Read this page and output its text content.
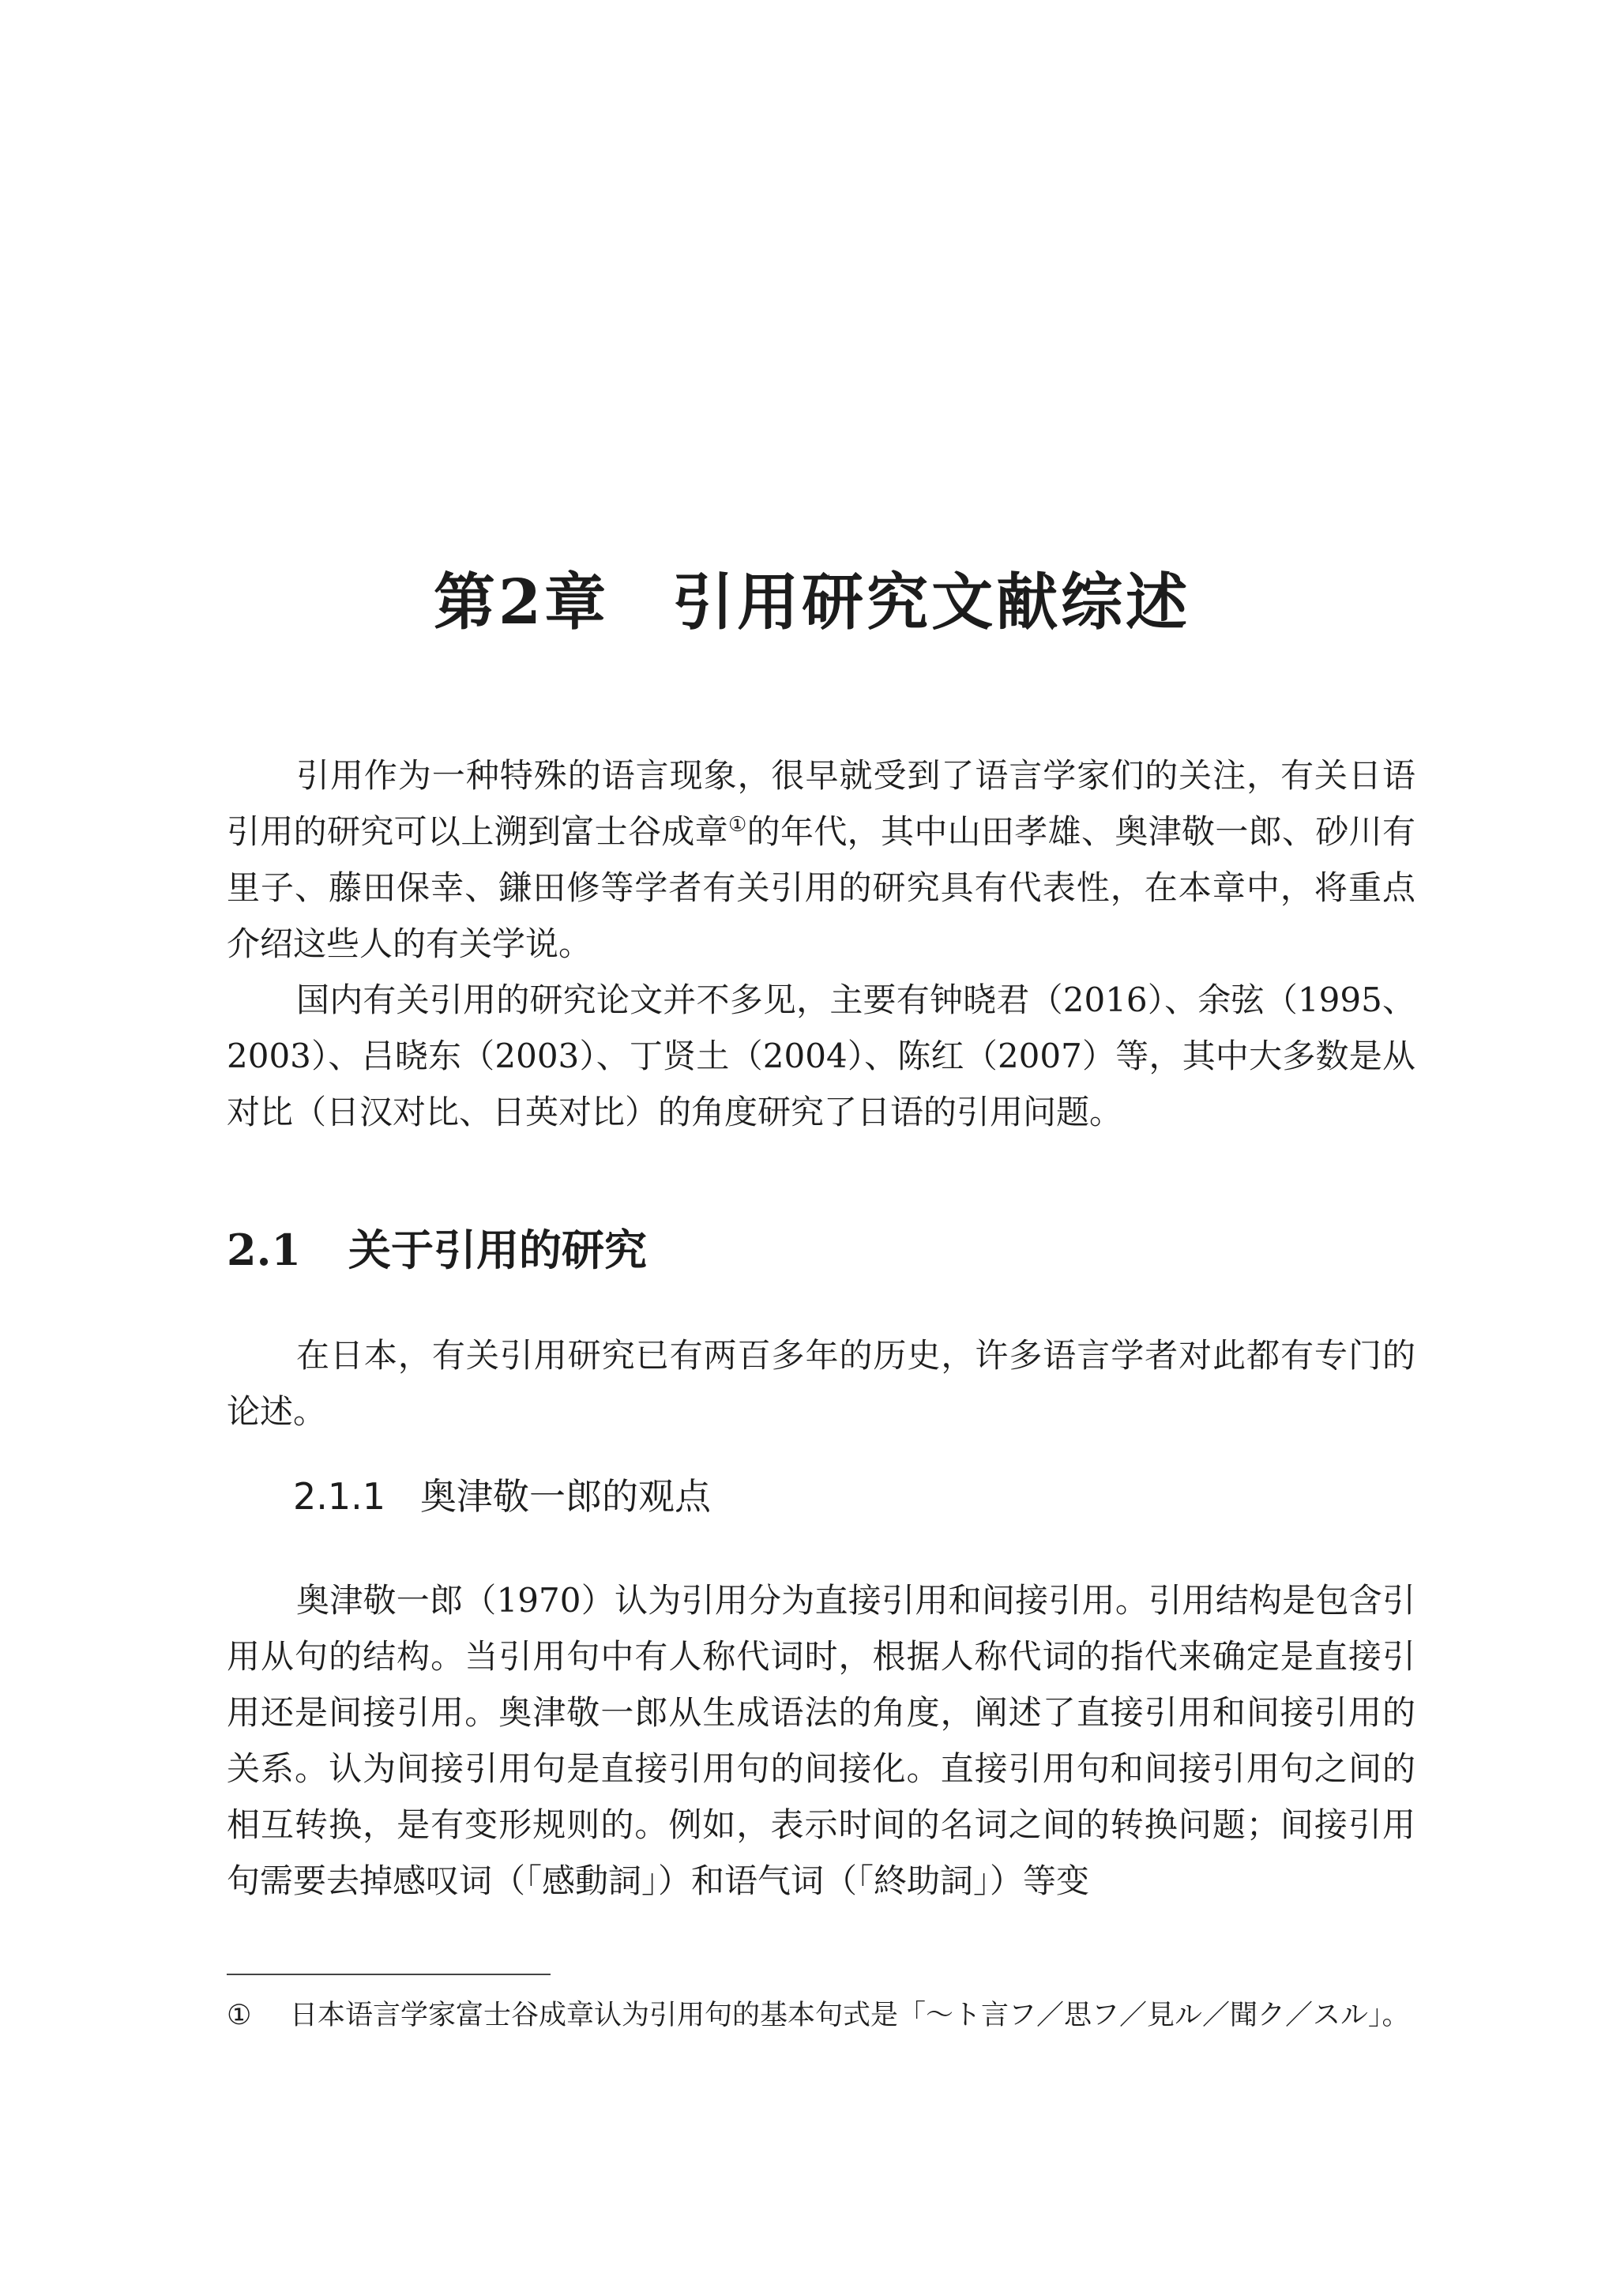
第2章 引用研究文献综述

引用作为一种特殊的语言现象，很早就受到了语言学家们的关注，有关日语引用的研究可以上溯到富士谷成章①的年代，其中山田孝雄、奥津敬一郎、砂川有里子、藤田保幸、鎌田修等学者有关引用的研究具有代表性，在本章中，将重点介绍这些人的有关学说。

国内有关引用的研究论文并不多见，主要有钟晓君（2016）、余弦（1995、2003）、吕晓东（2003）、丁贤土（2004）、陈红（2007）等，其中大多数是从对比（日汉对比、日英对比）的角度研究了日语的引用问题。

2.1 关于引用的研究

在日本，有关引用研究已有两百多年的历史，许多语言学者对此都有专门的论述。

2.1.1 奥津敬一郎的观点

奥津敬一郎（1970）认为引用分为直接引用和间接引用。引用结构是包含引用从句的结构。当引用句中有人称代词时，根据人称代词的指代来确定是直接引用还是间接引用。奥津敬一郎从生成语法的角度，阐述了直接引用和间接引用的关系。认为间接引用句是直接引用句的间接化。直接引用句和间接引用句之间的相互转换，是有变形规则的。例如，表示时间的名词之间的转换问题；间接引用句需要去掉感叹词（「感動詞」）和语气词（「終助詞」）等变

① 日本语言学家富士谷成章认为引用句的基本句式是「〜ト言フ／思フ／見ル／聞ク／スル」。
